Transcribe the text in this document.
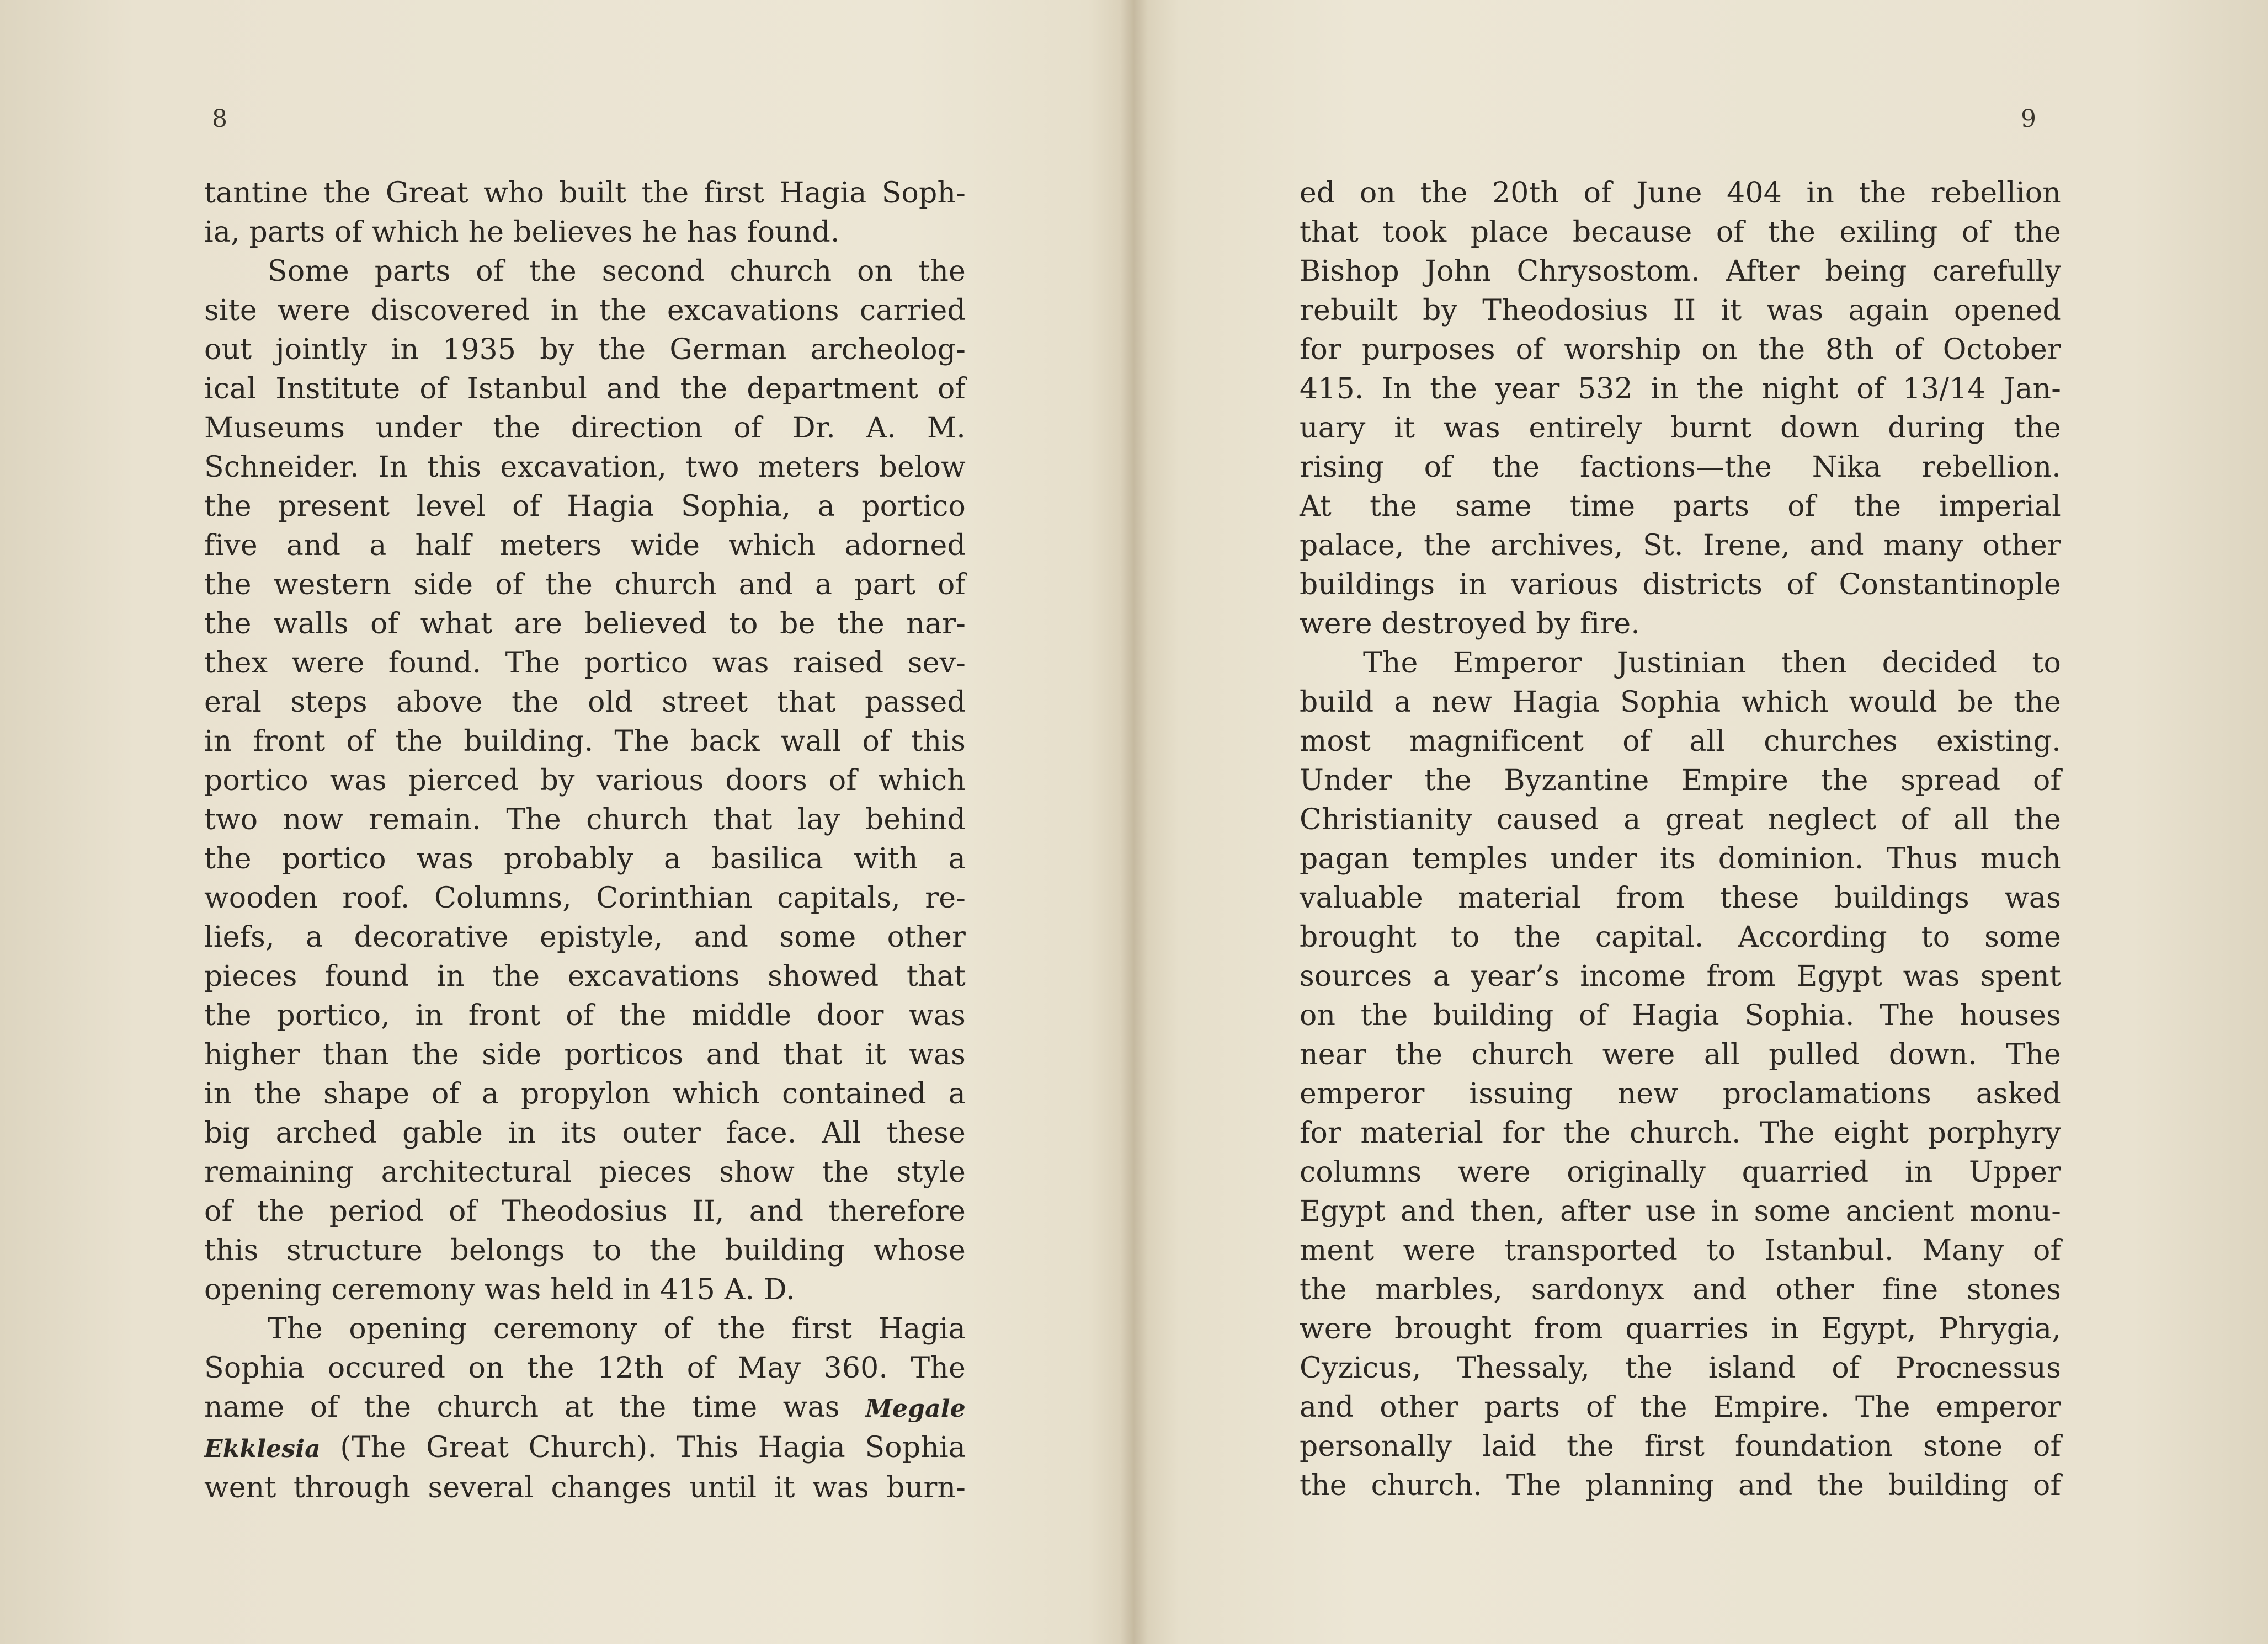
8	9

tantine the Great who built the first Hagia Soph-

ia, parts of which he believes he has found.

Some parts of the second church on the

site were discovered in the excavations carried

out jointly in 1935 by the German archeolog-

ical Institute of Istanbul and the department of

Museums under the direction of Dr. A. M.

Schneider. In this excavation, two meters below

the present level of Hagia Sophia, a portico

five and a half meters wide which adorned

the western side of the church and a part of

the walls of what are believed to be the nar-

thex were found. The portico was raised sev-

eral steps above the old street that passed

in front of the building. The back wall of this

portico was pierced by various doors of which

two now remain. The church that lay behind

the portico was probably a basilica with a

wooden roof. Columns, Corinthian capitals, re-

liefs, a decorative epistyle, and some other

pieces found in the excavations showed that

the portico, in front of the middle door was

higher than the side porticos and that it was

in the shape of a propylon which contained a

big arched gable in its outer face. All these

remaining architectural pieces show the style

of the period of Theodosius II, and therefore

this structure belongs to the building whose

opening ceremony was held in 415 A. D.

The opening ceremony of the first Hagia

Sophia occured on the 12th of May 360. The

name of the church at the time was Megale

Ekklesia (The Great Church). This Hagia Sophia

went through several changes until it was burn-

ed on the 20th of June 404 in the rebellion

that took place because of the exiling of the

Bishop John Chrysostom. After being carefully

rebuilt by Theodosius II it was again opened

for purposes of worship on the 8th of October

415. In the year 532 in the night of 13/14 Jan-

uary it was entirely burnt down during the

rising of the factions—the Nika rebellion.

At the same time parts of the imperial

palace, the archives, St. Irene, and many other

buildings in various districts of Constantinople

were destroyed by fire.

The Emperor Justinian then decided to

build a new Hagia Sophia which would be the

most magnificent of all churches existing.

Under the Byzantine Empire the spread of

Christianity caused a great neglect of all the

pagan temples under its dominion. Thus much

valuable material from these buildings was

brought to the capital. According to some

sources a year’s income from Egypt was spent

on the building of Hagia Sophia. The houses

near the church were all pulled down. The

emperor issuing new proclamations asked

for material for the church. The eight porphyry

columns were originally quarried in Upper

Egypt and then, after use in some ancient monu-

ment were transported to Istanbul. Many of

the marbles, sardonyx and other fine stones

were brought from quarries in Egypt, Phrygia,

Cyzicus, Thessaly, the island of Procnessus

and other parts of the Empire. The emperor

personally laid the first foundation stone of

the church. The planning and the building of
